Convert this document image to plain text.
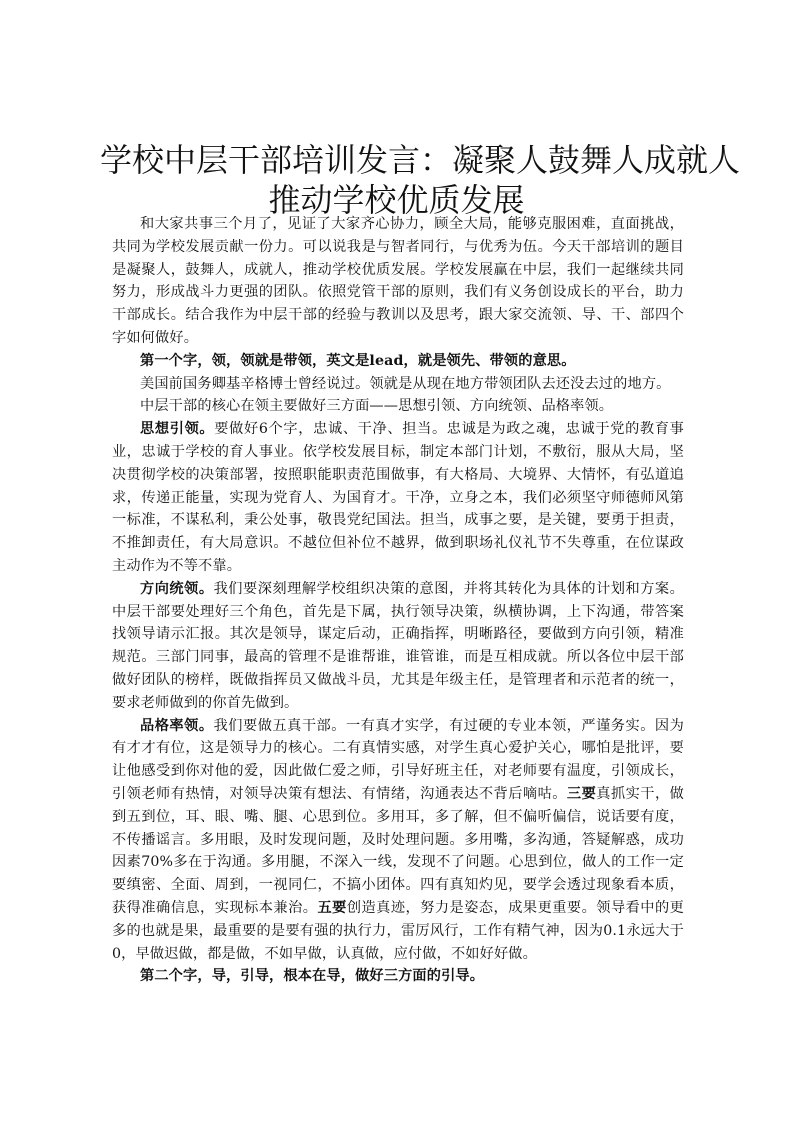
学校中层干部培训发言：凝聚人鼓舞人成就人
推动学校优质发展

和大家共事三个月了，见证了大家齐心协力，顾全大局，能够克服困难，直面挑战，共同为学校发展贡献一份力。可以说我是与智者同行，与优秀为伍。今天干部培训的题目是凝聚人，鼓舞人，成就人，推动学校优质发展。学校发展赢在中层，我们一起继续共同努力，形成战斗力更强的团队。依照党管干部的原则，我们有义务创设成长的平台，助力干部成长。结合我作为中层干部的经验与教训以及思考，跟大家交流领、导、干、部四个字如何做好。

第一个字，领，领就是带领，英文是lead，就是领先、带领的意思。

美国前国务卿基辛格博士曾经说过。领就是从现在地方带领团队去还没去过的地方。

中层干部的核心在领主要做好三方面——思想引领、方向统领、品格率领。

思想引领。要做好6个字，忠诚、干净、担当。忠诚是为政之魂，忠诚于党的教育事业，忠诚于学校的育人事业。依学校发展目标，制定本部门计划，不敷衍，服从大局，坚决贯彻学校的决策部署，按照职能职责范围做事，有大格局、大境界、大情怀，有弘道追求，传递正能量，实现为党育人、为国育才。干净，立身之本，我们必须坚守师德师风第一标准，不谋私利，秉公处事，敬畏党纪国法。担当，成事之要，是关键，要勇于担责，不推卸责任，有大局意识。不越位但补位不越界，做到职场礼仪礼节不失尊重，在位谋政主动作为不等不靠。

方向统领。我们要深刻理解学校组织决策的意图，并将其转化为具体的计划和方案。中层干部要处理好三个角色，首先是下属，执行领导决策，纵横协调，上下沟通，带答案找领导请示汇报。其次是领导，谋定后动，正确指挥，明晰路径，要做到方向引领，精准规范。三部门同事，最高的管理不是谁帮谁，谁管谁，而是互相成就。所以各位中层干部做好团队的榜样，既做指挥员又做战斗员，尤其是年级主任，是管理者和示范者的统一，要求老师做到的你首先做到。

品格率领。我们要做五真干部。一有真才实学，有过硬的专业本领，严谨务实。因为有才才有位，这是领导力的核心。二有真情实感，对学生真心爱护关心，哪怕是批评，要让他感受到你对他的爱，因此做仁爱之师，引导好班主任，对老师要有温度，引领成长，引领老师有热情，对领导决策有想法、有情绪，沟通表达不背后嘀咕。三要真抓实干，做到五到位，耳、眼、嘴、腿、心思到位。多用耳，多了解，但不偏听偏信，说话要有度，不传播谣言。多用眼，及时发现问题，及时处理问题。多用嘴，多沟通，答疑解惑，成功因素70%多在于沟通。多用腿，不深入一线，发现不了问题。心思到位，做人的工作一定要缜密、全面、周到，一视同仁，不搞小团体。四有真知灼见，要学会透过现象看本质，获得准确信息，实现标本兼治。五要创造真迹，努力是姿态，成果更重要。领导看中的更多的也就是果，最重要的是要有强的执行力，雷厉风行，工作有精气神，因为0.1永远大于0，早做迟做，都是做，不如早做，认真做，应付做，不如好好做。

第二个字，导，引导，根本在导，做好三方面的引导。
